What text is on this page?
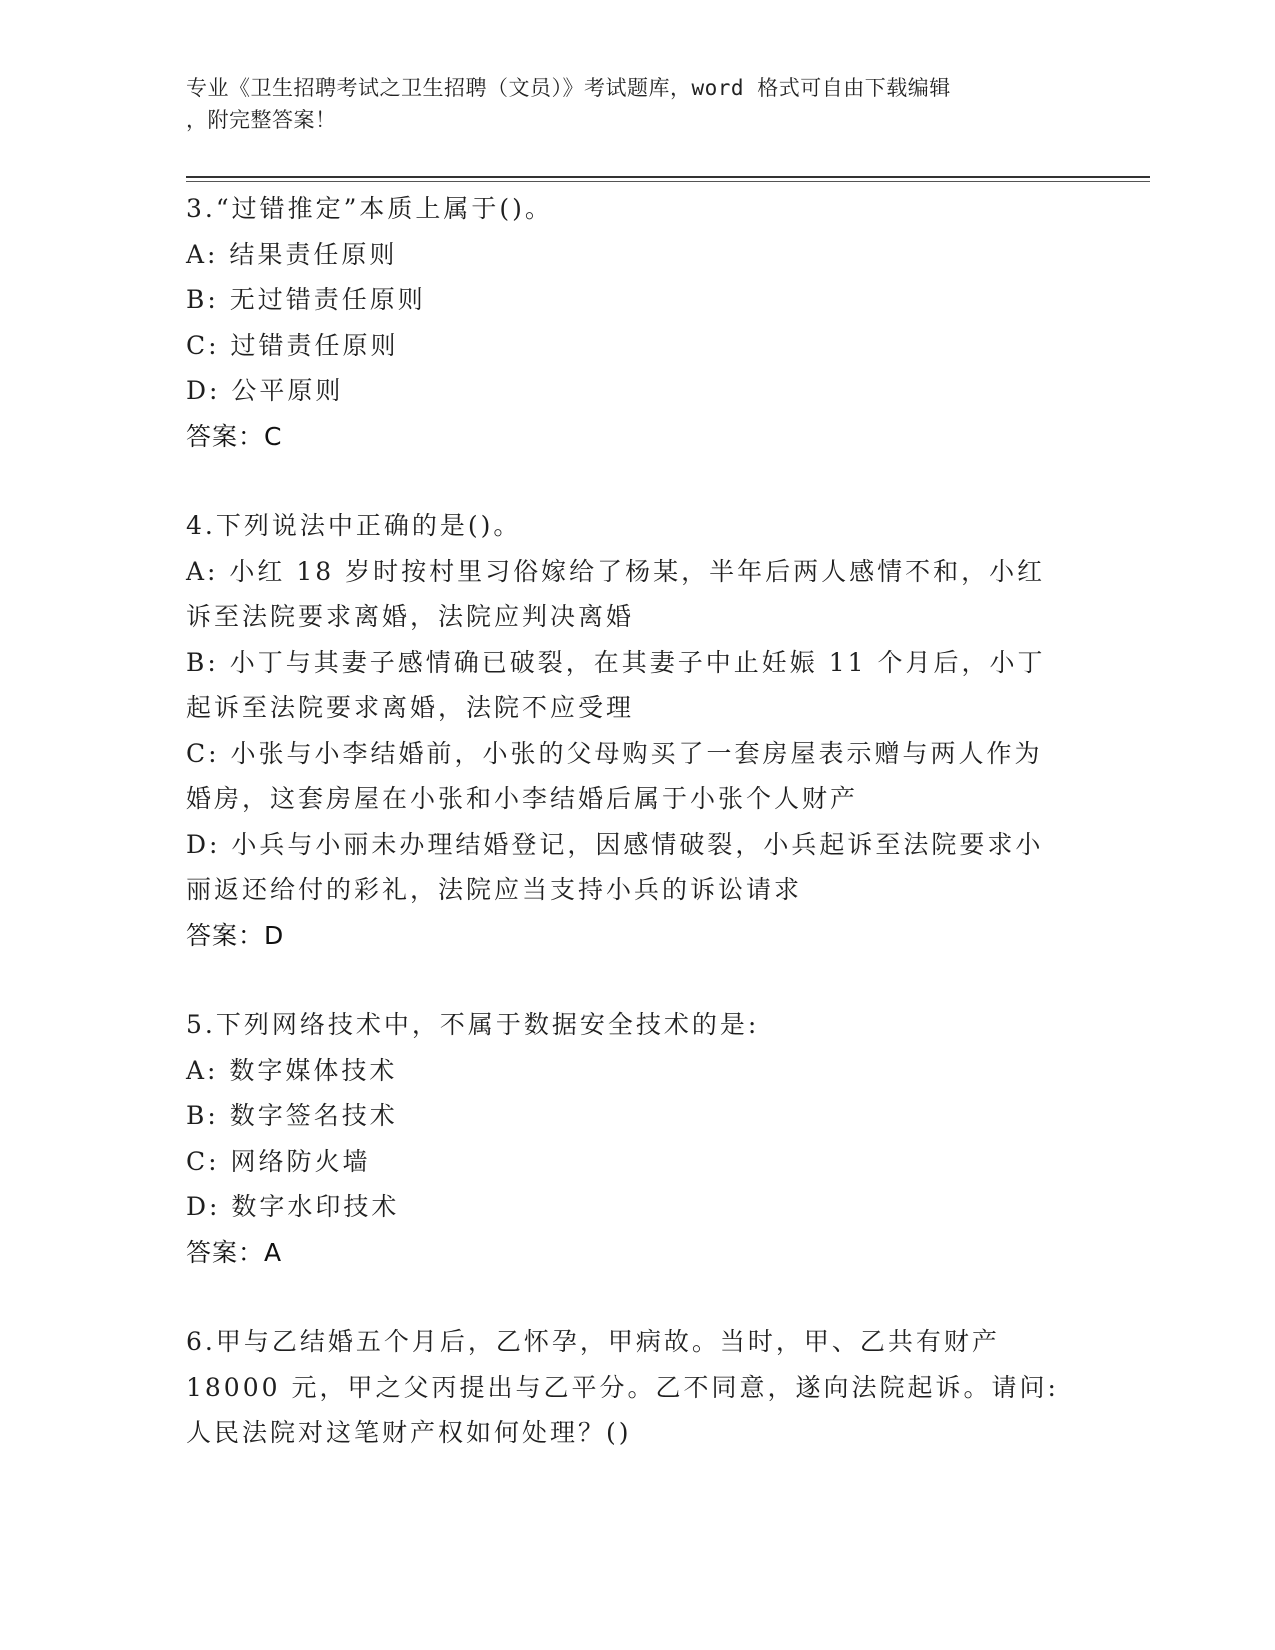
专业《卫生招聘考试之卫生招聘（文员）》考试题库，word 格式可自由下载编辑
，附完整答案！
3.“过错推定”本质上属于()。
A: 结果责任原则
B: 无过错责任原则
C: 过错责任原则
D: 公平原则
答案：C
4.下列说法中正确的是()。
A: 小红 18 岁时按村里习俗嫁给了杨某，半年后两人感情不和，小红
诉至法院要求离婚，法院应判决离婚
B: 小丁与其妻子感情确已破裂，在其妻子中止妊娠 11 个月后，小丁
起诉至法院要求离婚，法院不应受理
C: 小张与小李结婚前，小张的父母购买了一套房屋表示赠与两人作为
婚房，这套房屋在小张和小李结婚后属于小张个人财产
D: 小兵与小丽未办理结婚登记，因感情破裂，小兵起诉至法院要求小
丽返还给付的彩礼，法院应当支持小兵的诉讼请求
答案：D
5.下列网络技术中，不属于数据安全技术的是:
A: 数字媒体技术
B: 数字签名技术
C: 网络防火墙
D: 数字水印技术
答案：A
6.甲与乙结婚五个月后，乙怀孕，甲病故。当时，甲、乙共有财产
18000 元，甲之父丙提出与乙平分。乙不同意，遂向法院起诉。请问:
人民法院对这笔财产权如何处理？()
